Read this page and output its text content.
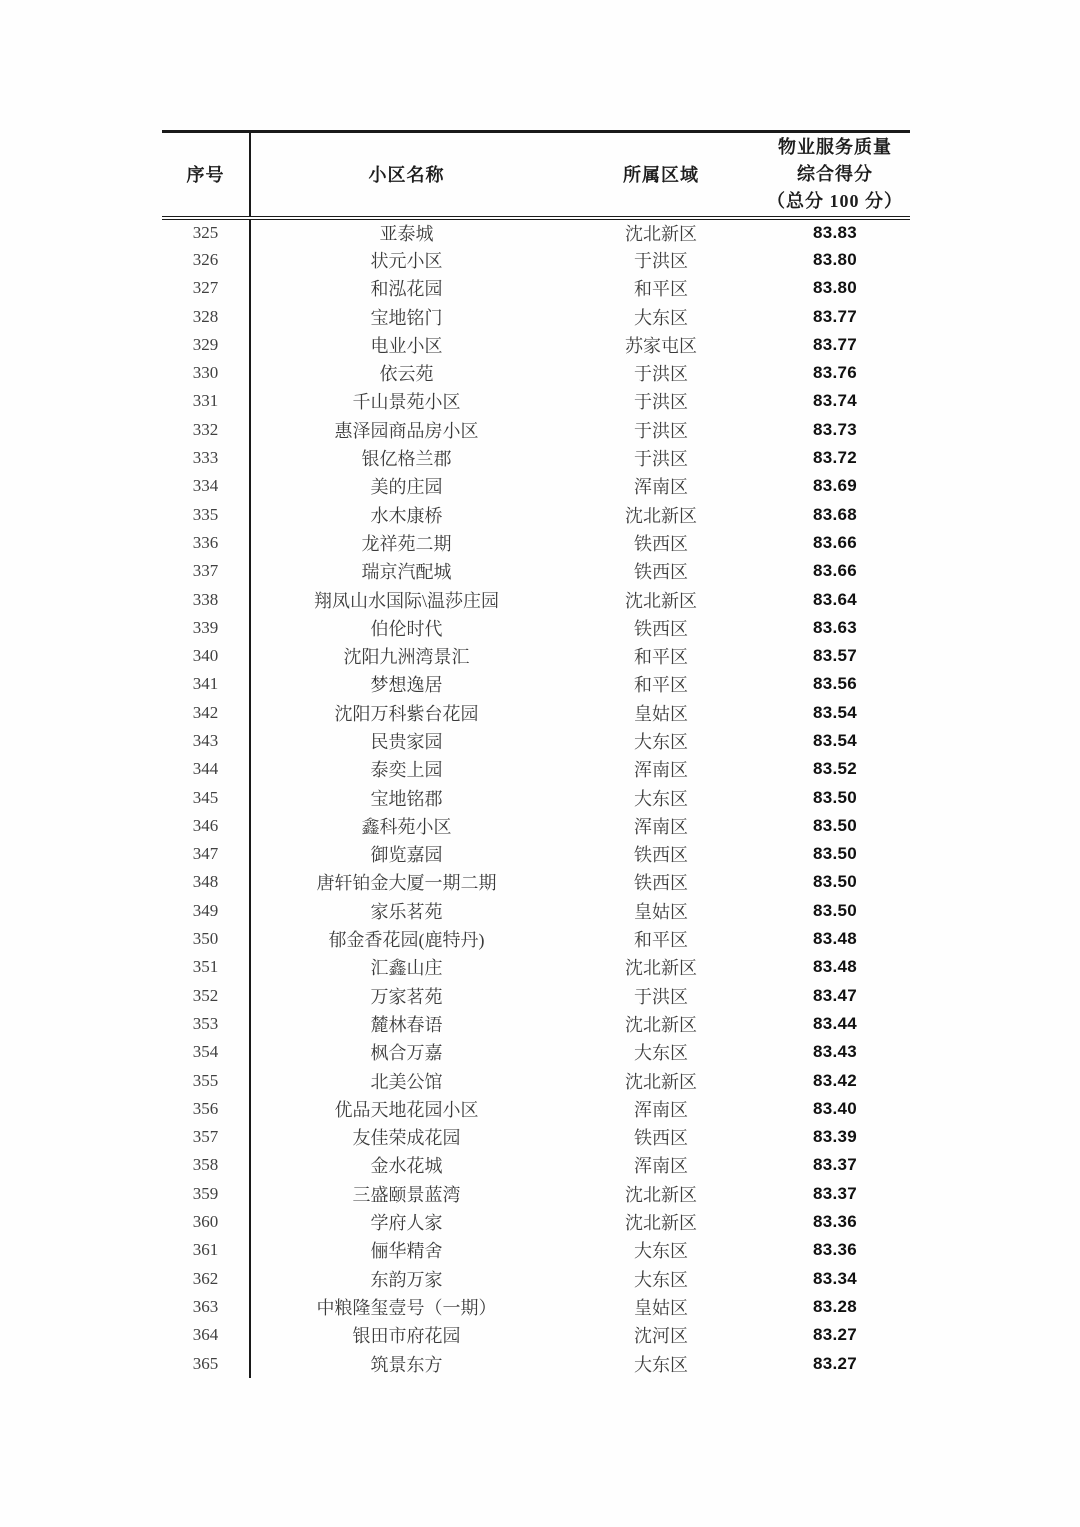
序号	小区名称	所属区域	物业服务质量
综合得分
（总分 100 分）

325	亚泰城	沈北新区	83.83
326	状元小区	于洪区	83.80
327	和泓花园	和平区	83.80
328	宝地铭门	大东区	83.77
329	电业小区	苏家屯区	83.77
330	依云苑	于洪区	83.76
331	千山景苑小区	于洪区	83.74
332	惠泽园商品房小区	于洪区	83.73
333	银亿格兰郡	于洪区	83.72
334	美的庄园	浑南区	83.69
335	水木康桥	沈北新区	83.68
336	龙祥苑二期	铁西区	83.66
337	瑞京汽配城	铁西区	83.66
338	翔凤山水国际\温莎庄园	沈北新区	83.64
339	伯伦时代	铁西区	83.63
340	沈阳九洲湾景汇	和平区	83.57
341	梦想逸居	和平区	83.56
342	沈阳万科紫台花园	皇姑区	83.54
343	民贵家园	大东区	83.54
344	泰奕上园	浑南区	83.52
345	宝地铭郡	大东区	83.50
346	鑫科苑小区	浑南区	83.50
347	御览嘉园	铁西区	83.50
348	唐轩铂金大厦一期二期	铁西区	83.50
349	家乐茗苑	皇姑区	83.50
350	郁金香花园(鹿特丹)	和平区	83.48
351	汇鑫山庄	沈北新区	83.48
352	万家茗苑	于洪区	83.47
353	麓林春语	沈北新区	83.44
354	枫合万嘉	大东区	83.43
355	北美公馆	沈北新区	83.42
356	优品天地花园小区	浑南区	83.40
357	友佳荣成花园	铁西区	83.39
358	金水花城	浑南区	83.37
359	三盛颐景蓝湾	沈北新区	83.37
360	学府人家	沈北新区	83.36
361	俪华精舍	大东区	83.36
362	东韵万家	大东区	83.34
363	中粮隆玺壹号（一期）	皇姑区	83.28
364	银田市府花园	沈河区	83.27
365	筑景东方	大东区	83.27
